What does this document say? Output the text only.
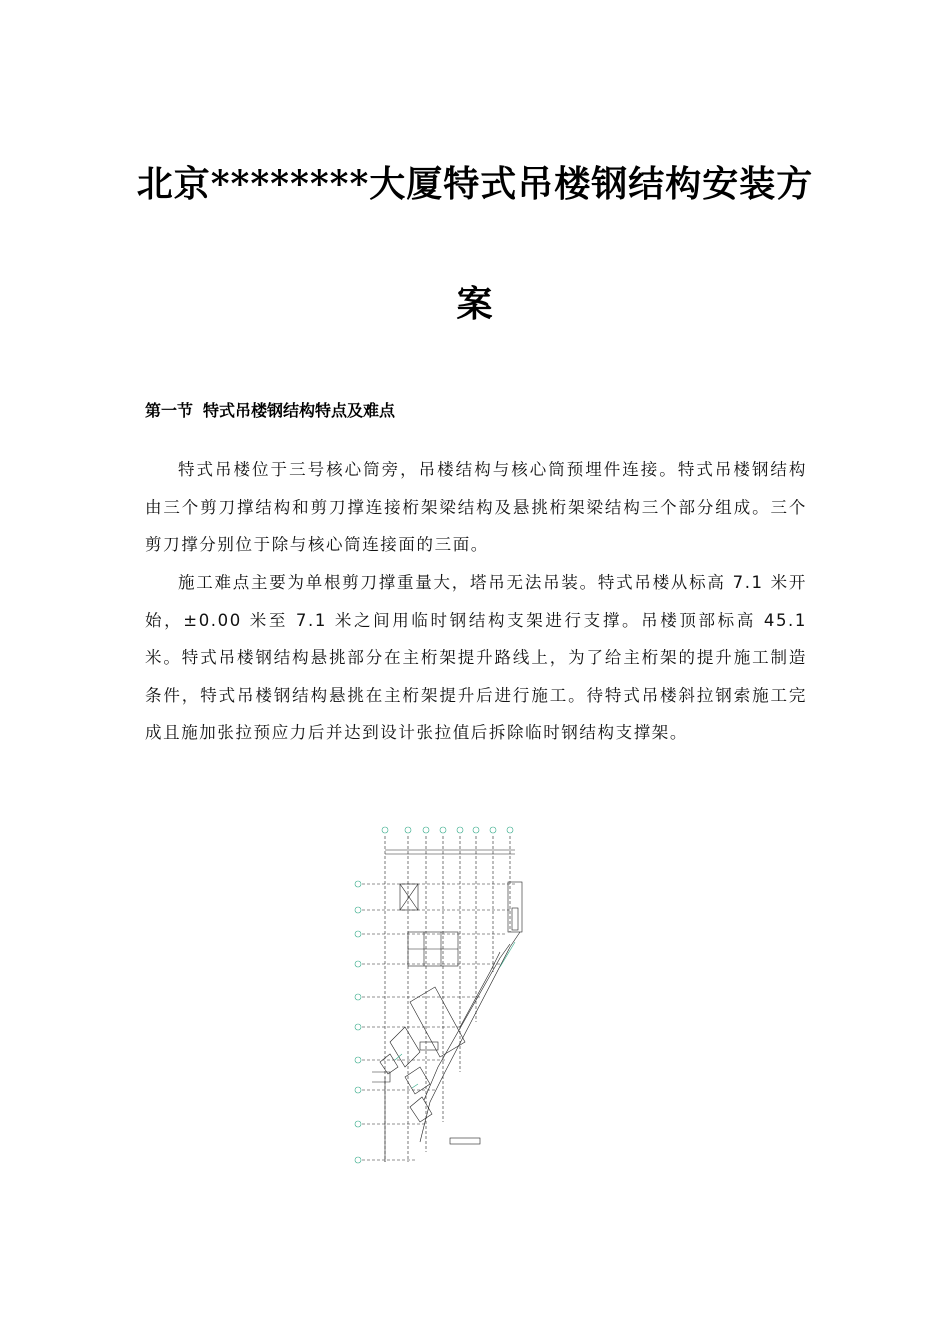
北京********大厦特式吊楼钢结构安装方
案
第一节 特式吊楼钢结构特点及难点

特式吊楼位于三号核心筒旁，吊楼结构与核心筒预埋件连接。特式吊楼钢结构由三个剪刀撑结构和剪刀撑连接桁架梁结构及悬挑桁架梁结构三个部分组成。三个剪刀撑分别位于除与核心筒连接面的三面。

施工难点主要为单根剪刀撑重量大，塔吊无法吊装。特式吊楼从标高 7.1 米开始，±0.00 米至 7.1 米之间用临时钢结构支架进行支撑。吊楼顶部标高 45.1 米。特式吊楼钢结构悬挑部分在主桁架提升路线上，为了给主桁架的提升施工制造条件，特式吊楼钢结构悬挑在主桁架提升后进行施工。待特式吊楼斜拉钢索施工完成且施加张拉预应力后并达到设计张拉值后拆除临时钢结构支撑架。
